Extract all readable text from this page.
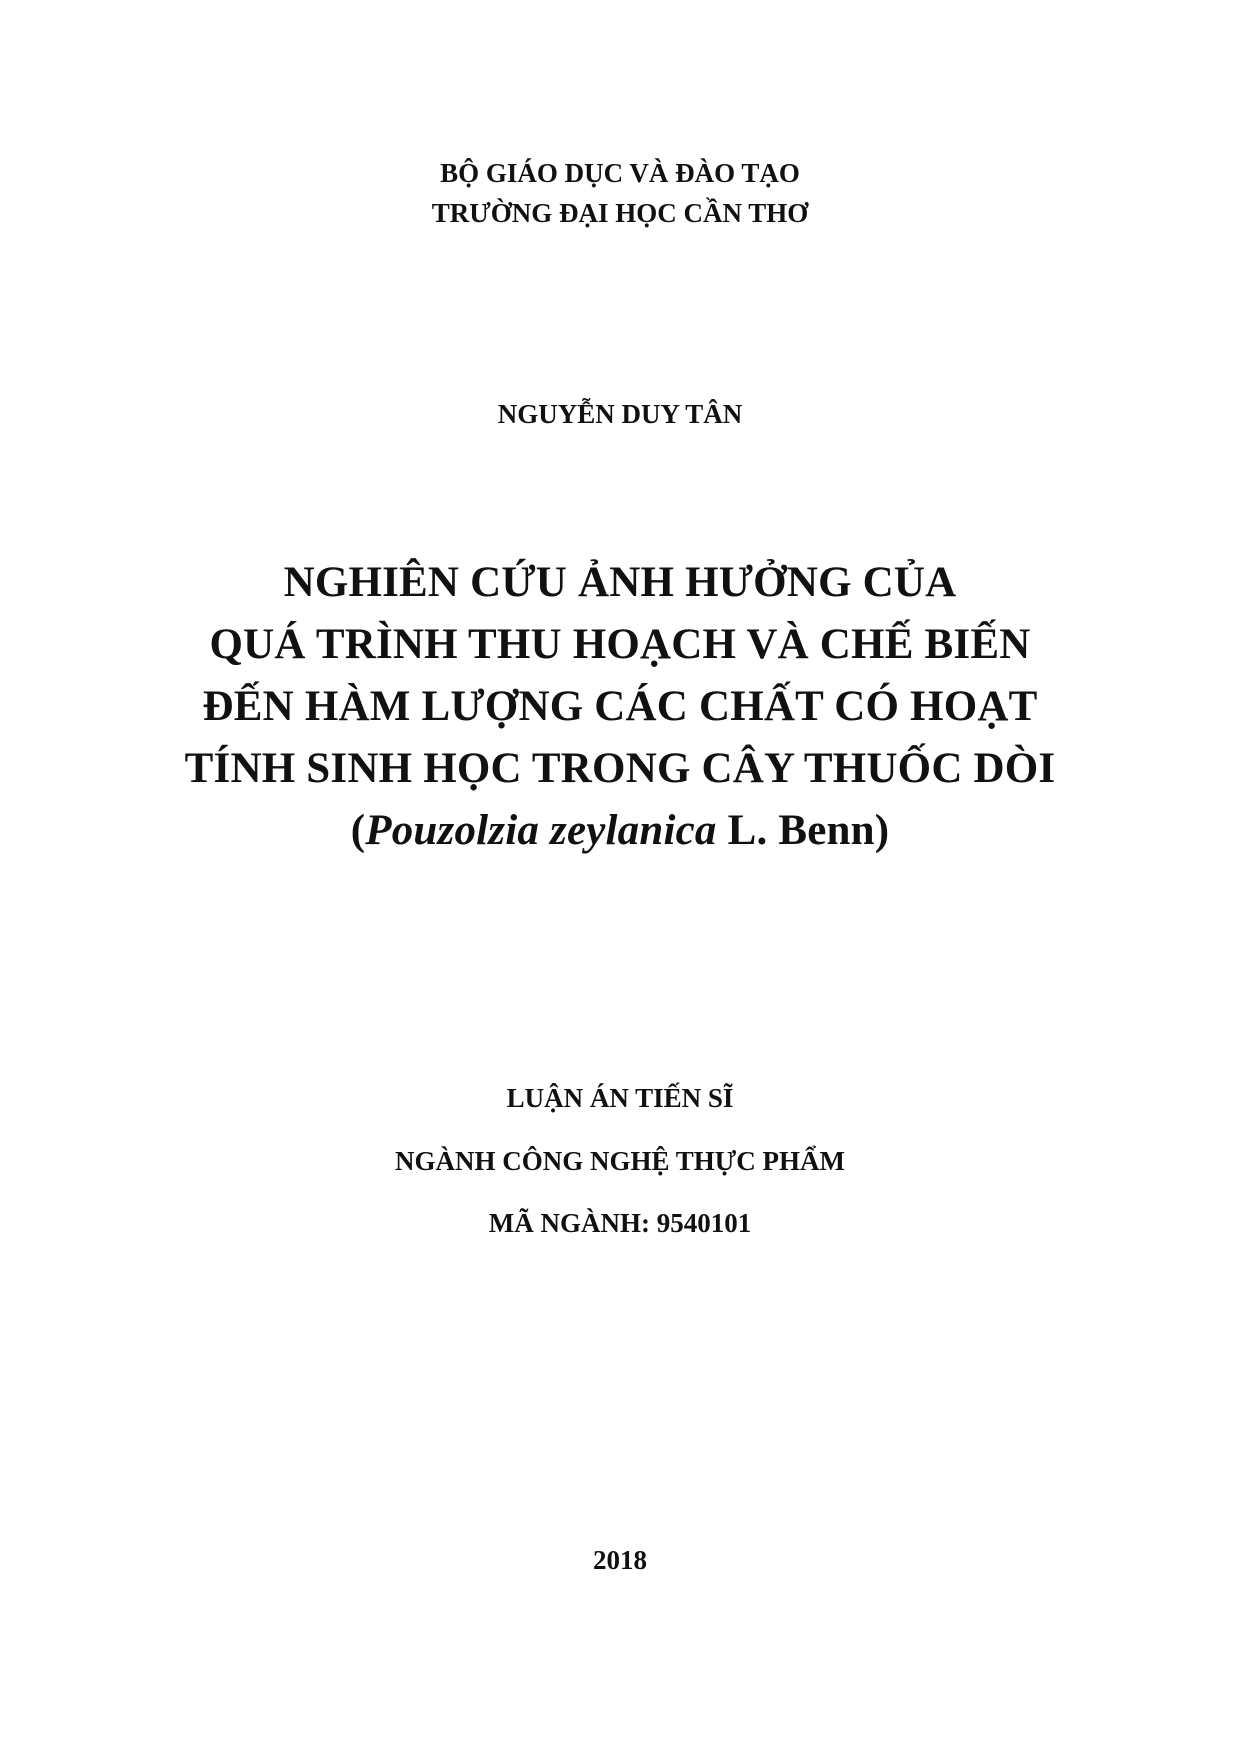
BỘ GIÁO DỤC VÀ ĐÀO TẠO
TRƯỜNG ĐẠI HỌC CẦN THƠ
NGUYỄN DUY TÂN
NGHIÊN CỨU ẢNH HƯỞNG CỦA
QUÁ TRÌNH THU HOẠCH VÀ CHẾ BIẾN
ĐẾN HÀM LƯỢNG CÁC CHẤT CÓ HOẠT
TÍNH SINH HỌC TRONG CÂY THUỐC DÒI
(Pouzolzia zeylanica L. Benn)
LUẬN ÁN TIẾN SĨ
NGÀNH CÔNG NGHỆ THỰC PHẨM
MÃ NGÀNH: 9540101
2018
